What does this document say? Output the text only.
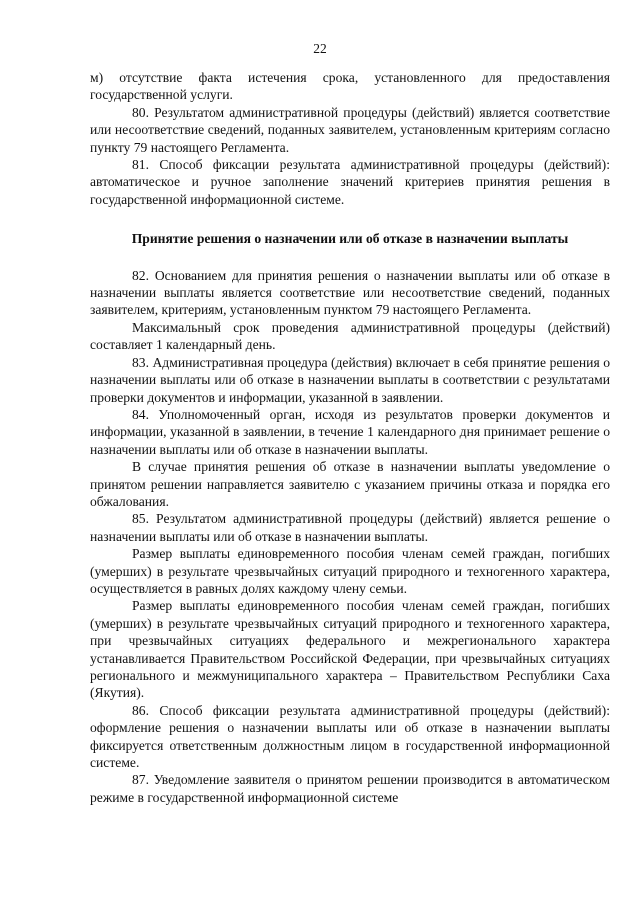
22

м) отсутствие факта истечения срока, установленного для предоставления государственной услуги.

80. Результатом административной процедуры (действий) является соответствие или несоответствие сведений, поданных заявителем, установленным критериям согласно пункту 79 настоящего Регламента.

81. Способ фиксации результата административной процедуры (действий): автоматическое и ручное заполнение значений критериев принятия решения в государственной информационной системе.

Принятие решения о назначении или об отказе в назначении выплаты

82. Основанием для принятия решения о назначении выплаты или об отказе в назначении выплаты является соответствие или несоответствие сведений, поданных заявителем, критериям, установленным пунктом 79 настоящего Регламента.

Максимальный срок проведения административной процедуры (действий) составляет 1 календарный день.

83. Административная процедура (действия) включает в себя принятие решения о назначении выплаты или об отказе в назначении выплаты в соответствии с результатами проверки документов и информации, указанной в заявлении.

84. Уполномоченный орган, исходя из результатов проверки документов и информации, указанной в заявлении, в течение 1 календарного дня принимает решение о назначении выплаты или об отказе в назначении выплаты.

В случае принятия решения об отказе в назначении выплаты уведомление о принятом решении направляется заявителю с указанием причины отказа и порядка его обжалования.

85. Результатом административной процедуры (действий) является решение о назначении выплаты или об отказе в назначении выплаты.

Размер выплаты единовременного пособия членам семей граждан, погибших (умерших) в результате чрезвычайных ситуаций природного и техногенного характера, осуществляется в равных долях каждому члену семьи.

Размер выплаты единовременного пособия членам семей граждан, погибших (умерших) в результате чрезвычайных ситуаций природного и техногенного характера, при чрезвычайных ситуациях федерального и межрегионального характера устанавливается Правительством Российской Федерации, при чрезвычайных ситуациях регионального и межмуниципального характера – Правительством Республики Саха (Якутия).

86. Способ фиксации результата административной процедуры (действий): оформление решения о назначении выплаты или об отказе в назначении выплаты фиксируется ответственным должностным лицом в государственной информационной системе.

87. Уведомление заявителя о принятом решении производится в автоматическом режиме в государственной информационной системе
